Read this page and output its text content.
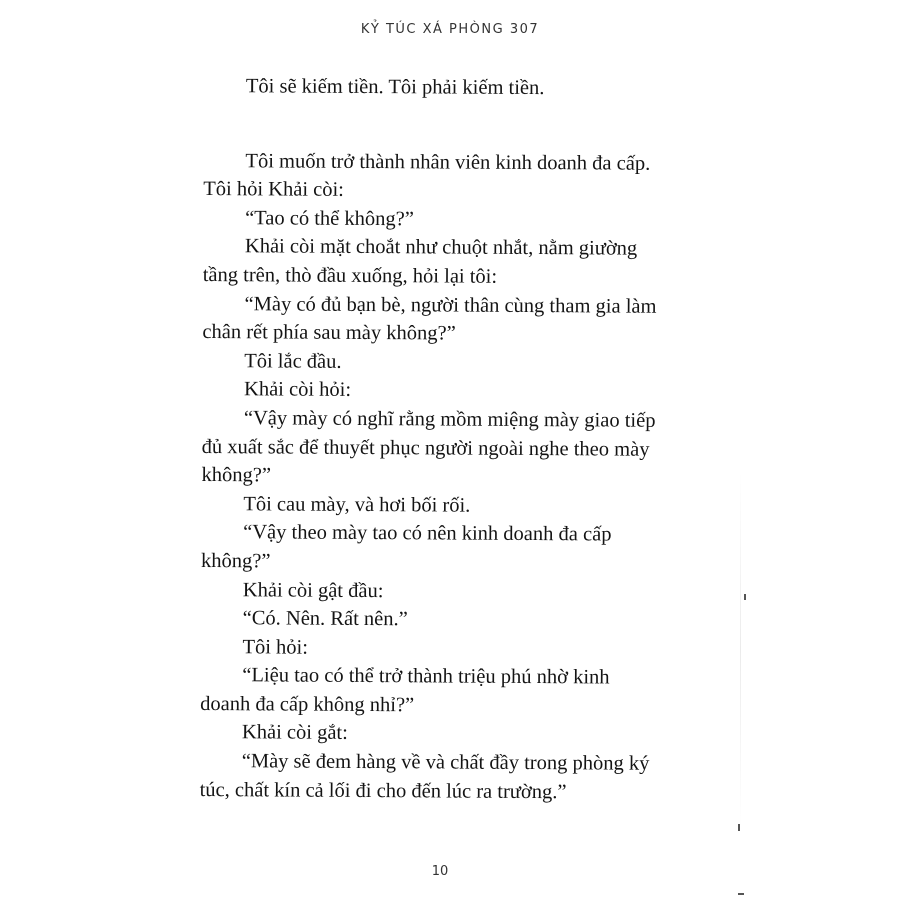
KỶ TÚC XÁ PHÒNG 307

Tôi sẽ kiếm tiền. Tôi phải kiếm tiền.

Tôi muốn trở thành nhân viên kinh doanh đa cấp.
Tôi hỏi Khải còi:

“Tao có thể không?”

Khải còi mặt choắt như chuột nhắt, nằm giường
tầng trên, thò đầu xuống, hỏi lại tôi:

“Mày có đủ bạn bè, người thân cùng tham gia làm
chân rết phía sau mày không?”

Tôi lắc đầu.

Khải còi hỏi:

“Vậy mày có nghĩ rằng mồm miệng mày giao tiếp
đủ xuất sắc để thuyết phục người ngoài nghe theo mày
không?”

Tôi cau mày, và hơi bối rối.

“Vậy theo mày tao có nên kinh doanh đa cấp
không?”

Khải còi gật đầu:

“Có. Nên. Rất nên.”

Tôi hỏi:

“Liệu tao có thể trở thành triệu phú nhờ kinh
doanh đa cấp không nhỉ?”

Khải còi gắt:

“Mày sẽ đem hàng về và chất đầy trong phòng ký
túc, chất kín cả lối đi cho đến lúc ra trường.”

10
